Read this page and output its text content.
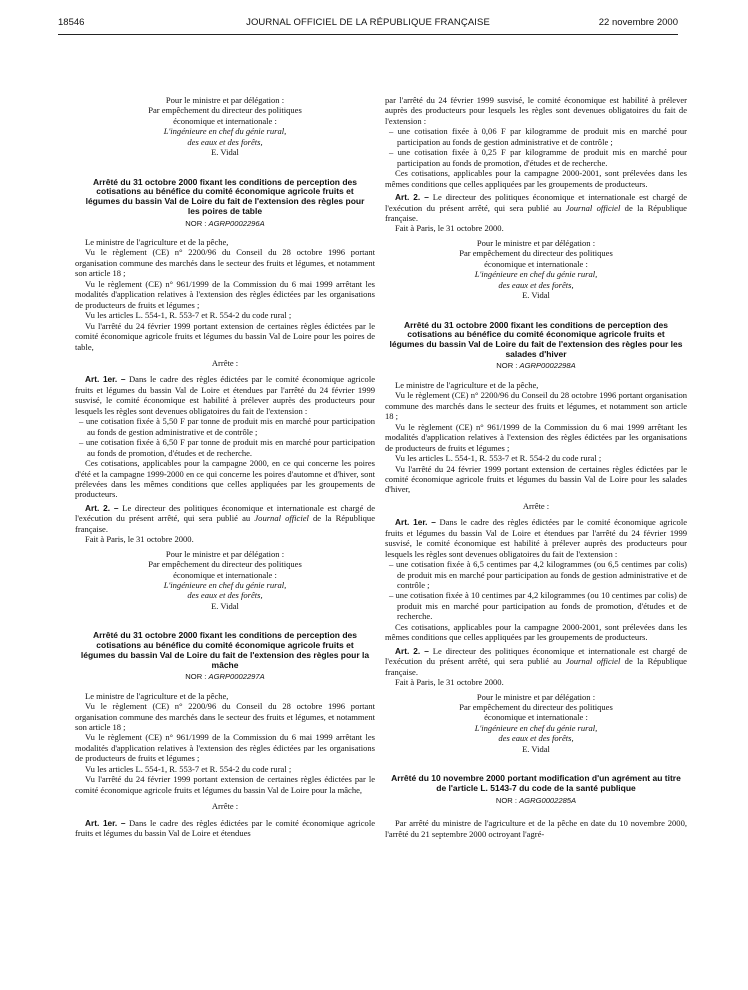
18546	JOURNAL OFFICIEL DE LA RÉPUBLIQUE FRANÇAISE	22 novembre 2000

Pour le ministre et par délégation :

Par empêchement du directeur des politiques

économique et internationale :

L'ingénieure en chef du génie rural,

des eaux et des forêts,

E. Vidal

Arrêté du 31 octobre 2000 fixant les conditions de perception des cotisations au bénéfice du comité économique agricole fruits et légumes du bassin Val de Loire du fait de l'extension des règles pour les poires de table

NOR : AGRP0002296A

Le ministre de l'agriculture et de la pêche,

Vu le règlement (CE) n° 2200/96 du Conseil du 28 octobre 1996 portant organisation commune des marchés dans le secteur des fruits et légumes, et notamment son article 18 ;

Vu le règlement (CE) n° 961/1999 de la Commission du 6 mai 1999 arrêtant les modalités d'application relatives à l'extension des règles édictées par les organisations de producteurs de fruits et légumes ;

Vu les articles L. 554-1, R. 553-7 et R. 554-2 du code rural ;

Vu l'arrêté du 24 février 1999 portant extension de certaines règles édictées par le comité économique agricole fruits et légumes du bassin Val de Loire pour les poires de table,

Arrête :

Art. 1er. – Dans le cadre des règles édictées par le comité économique agricole fruits et légumes du bassin Val de Loire et étendues par l'arrêté du 24 février 1999 susvisé, le comité économique est habilité à prélever auprès des producteurs pour lesquels les règles sont devenues obligatoires du fait de l'extension :

– une cotisation fixée à 5,50 F par tonne de produit mis en marché pour participation au fonds de gestion administrative et de contrôle ;

– une cotisation fixée à 6,50 F par tonne de produit mis en marché pour participation au fonds de promotion, d'études et de recherche.

Ces cotisations, applicables pour la campagne 2000, en ce qui concerne les poires d'été et la campagne 1999-2000 en ce qui concerne les poires d'automne et d'hiver, sont prélevées dans les mêmes conditions que celles appliquées par les groupements de producteurs.

Art. 2. – Le directeur des politiques économique et internationale est chargé de l'exécution du présent arrêté, qui sera publié au Journal officiel de la République française.

Fait à Paris, le 31 octobre 2000.

Pour le ministre et par délégation :

Par empêchement du directeur des politiques

économique et internationale :

L'ingénieure en chef du génie rural,

des eaux et des forêts,

E. Vidal

Arrêté du 31 octobre 2000 fixant les conditions de perception des cotisations au bénéfice du comité économique agricole fruits et légumes du bassin Val de Loire du fait de l'extension des règles pour la mâche

NOR : AGRP0002297A

Le ministre de l'agriculture et de la pêche,

Vu le règlement (CE) n° 2200/96 du Conseil du 28 octobre 1996 portant organisation commune des marchés dans le secteur des fruits et légumes, et notamment son article 18 ;

Vu le règlement (CE) n° 961/1999 de la Commission du 6 mai 1999 arrêtant les modalités d'application relatives à l'extension des règles édictées par les organisations de producteurs de fruits et légumes ;

Vu les articles L. 554-1, R. 553-7 et R. 554-2 du code rural ;

Vu l'arrêté du 24 février 1999 portant extension de certaines règles édictées par le comité économique agricole fruits et légumes du bassin Val de Loire pour la mâche,

Arrête :

Art. 1er. – Dans le cadre des règles édictées par le comité économique agricole fruits et légumes du bassin Val de Loire et étendues

par l'arrêté du 24 février 1999 susvisé, le comité économique est habilité à prélever auprès des producteurs pour lesquels les règles sont devenues obligatoires du fait de l'extension :

– une cotisation fixée à 0,06 F par kilogramme de produit mis en marché pour participation au fonds de gestion administrative et de contrôle ;

– une cotisation fixée à 0,25 F par kilogramme de produit mis en marché pour participation au fonds de promotion, d'études et de recherche.

Ces cotisations, applicables pour la campagne 2000-2001, sont prélevées dans les mêmes conditions que celles appliquées par les groupements de producteurs.

Art. 2. – Le directeur des politiques économique et internationale est chargé de l'exécution du présent arrêté, qui sera publié au Journal officiel de la République française.

Fait à Paris, le 31 octobre 2000.

Pour le ministre et par délégation :

Par empêchement du directeur des politiques

économique et internationale :

L'ingénieure en chef du génie rural,

des eaux et des forêts,

E. Vidal

Arrêté du 31 octobre 2000 fixant les conditions de perception des cotisations au bénéfice du comité économique agricole fruits et légumes du bassin Val de Loire du fait de l'extension des règles pour les salades d'hiver

NOR : AGRP0002298A

Le ministre de l'agriculture et de la pêche,

Vu le règlement (CE) n° 2200/96 du Conseil du 28 octobre 1996 portant organisation commune des marchés dans le secteur des fruits et légumes, et notamment son article 18 ;

Vu le règlement (CE) n° 961/1999 de la Commission du 6 mai 1999 arrêtant les modalités d'application relatives à l'extension des règles édictées par les organisations de producteurs de fruits et légumes ;

Vu les articles L. 554-1, R. 553-7 et R. 554-2 du code rural ;

Vu l'arrêté du 24 février 1999 portant extension de certaines règles édictées par le comité économique agricole fruits et légumes du bassin Val de Loire pour les salades d'hiver,

Arrête :

Art. 1er. – Dans le cadre des règles édictées par le comité économique agricole fruits et légumes du bassin Val de Loire et étendues par l'arrêté du 24 février 1999 susvisé, le comité économique est habilité à prélever auprès des producteurs pour lesquels les règles sont devenues obligatoires du fait de l'extension :

– une cotisation fixée à 6,5 centimes par 4,2 kilogrammes (ou 6,5 centimes par colis) de produit mis en marché pour participation au fonds de gestion administrative et de contrôle ;

– une cotisation fixée à 10 centimes par 4,2 kilogrammes (ou 10 centimes par colis) de produit mis en marché pour participation au fonds de promotion, d'études et de recherche.

Ces cotisations, applicables pour la campagne 2000-2001, sont prélevées dans les mêmes conditions que celles appliquées par les groupements de producteurs.

Art. 2. – Le directeur des politiques économique et internationale est chargé de l'exécution du présent arrêté, qui sera publié au Journal officiel de la République française.

Fait à Paris, le 31 octobre 2000.

Pour le ministre et par délégation :

Par empêchement du directeur des politiques

économique et internationale :

L'ingénieure en chef du génie rural,

des eaux et des forêts,

E. Vidal

Arrêté du 10 novembre 2000 portant modification d'un agrément au titre de l'article L. 5143-7 du code de la santé publique

NOR : AGRG0002285A

Par arrêté du ministre de l'agriculture et de la pêche en date du 10 novembre 2000, l'arrêté du 21 septembre 2000 octroyant l'agré-
